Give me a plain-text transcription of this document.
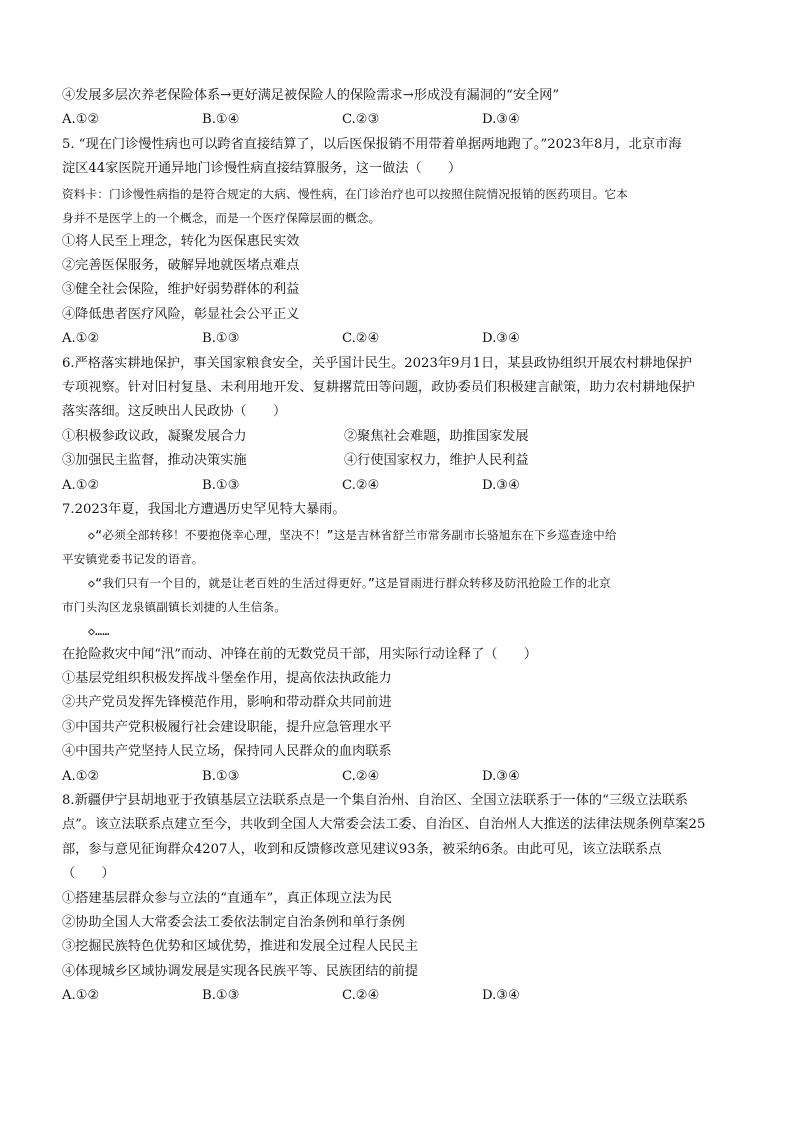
④发展多层次养老保险体系→更好满足被保险人的保险需求→形成没有漏洞的“安全网”
A.①②	B.①④	C.②③	D.③④
5. “现在门诊慢性病也可以跨省直接结算了，以后医保报销不用带着单据两地跑了。”2023年8月，北京市海
淀区44家医院开通异地门诊慢性病直接结算服务，这一做法（　　）
资料卡：门诊慢性病指的是符合规定的大病、慢性病，在门诊治疗也可以按照住院情况报销的医药项目。它本
身并不是医学上的一个概念，而是一个医疗保障层面的概念。
①将人民至上理念，转化为医保惠民实效
②完善医保服务，破解异地就医堵点难点
③健全社会保险，维护好弱势群体的利益
④降低患者医疗风险，彰显社会公平正义
A.①②	B.①③	C.②④	D.③④
6.严格落实耕地保护，事关国家粮食安全，关乎国计民生。2023年9月1日，某县政协组织开展农村耕地保护
专项视察。针对旧村复垦、未利用地开发、复耕撂荒田等问题，政协委员们积极建言献策，助力农村耕地保护
落实落细。这反映出人民政协（　　）
①积极参政议政，凝聚发展合力	②聚焦社会难题，助推国家发展
③加强民主监督，推动决策实施	④行使国家权力，维护人民利益
A.①②	B.①③	C.②④	D.③④
7.2023年夏，我国北方遭遇历史罕见特大暴雨。
◇“必须全部转移！不要抱侥幸心理，坚决不！”这是吉林省舒兰市常务副市长骆旭东在下乡巡查途中给
平安镇党委书记发的语音。
◇“我们只有一个目的，就是让老百姓的生活过得更好。”这是冒雨进行群众转移及防汛抢险工作的北京
市门头沟区龙泉镇副镇长刘捷的人生信条。
◇……
在抢险救灾中闻“汛”而动、冲锋在前的无数党员干部，用实际行动诠释了（　　）
①基层党组织积极发挥战斗堡垒作用，提高依法执政能力
②共产党员发挥先锋模范作用，影响和带动群众共同前进
③中国共产党积极履行社会建设职能，提升应急管理水平
④中国共产党坚持人民立场，保持同人民群众的血肉联系
A.①②	B.①③	C.②④	D.③④
8.新疆伊宁县胡地亚于孜镇基层立法联系点是一个集自治州、自治区、全国立法联系于一体的“三级立法联系
点”。该立法联系点建立至今，共收到全国人大常委会法工委、自治区、自治州人大推送的法律法规条例草案25
部，参与意见征询群众4207人，收到和反馈修改意见建议93条，被采纳6条。由此可见，该立法联系点
（　　）
①搭建基层群众参与立法的“直通车”，真正体现立法为民
②协助全国人大常委会法工委依法制定自治条例和单行条例
③挖掘民族特色优势和区域优势，推进和发展全过程人民民主
④体现城乡区域协调发展是实现各民族平等、民族团结的前提
A.①②	B.①③	C.②④	D.③④
